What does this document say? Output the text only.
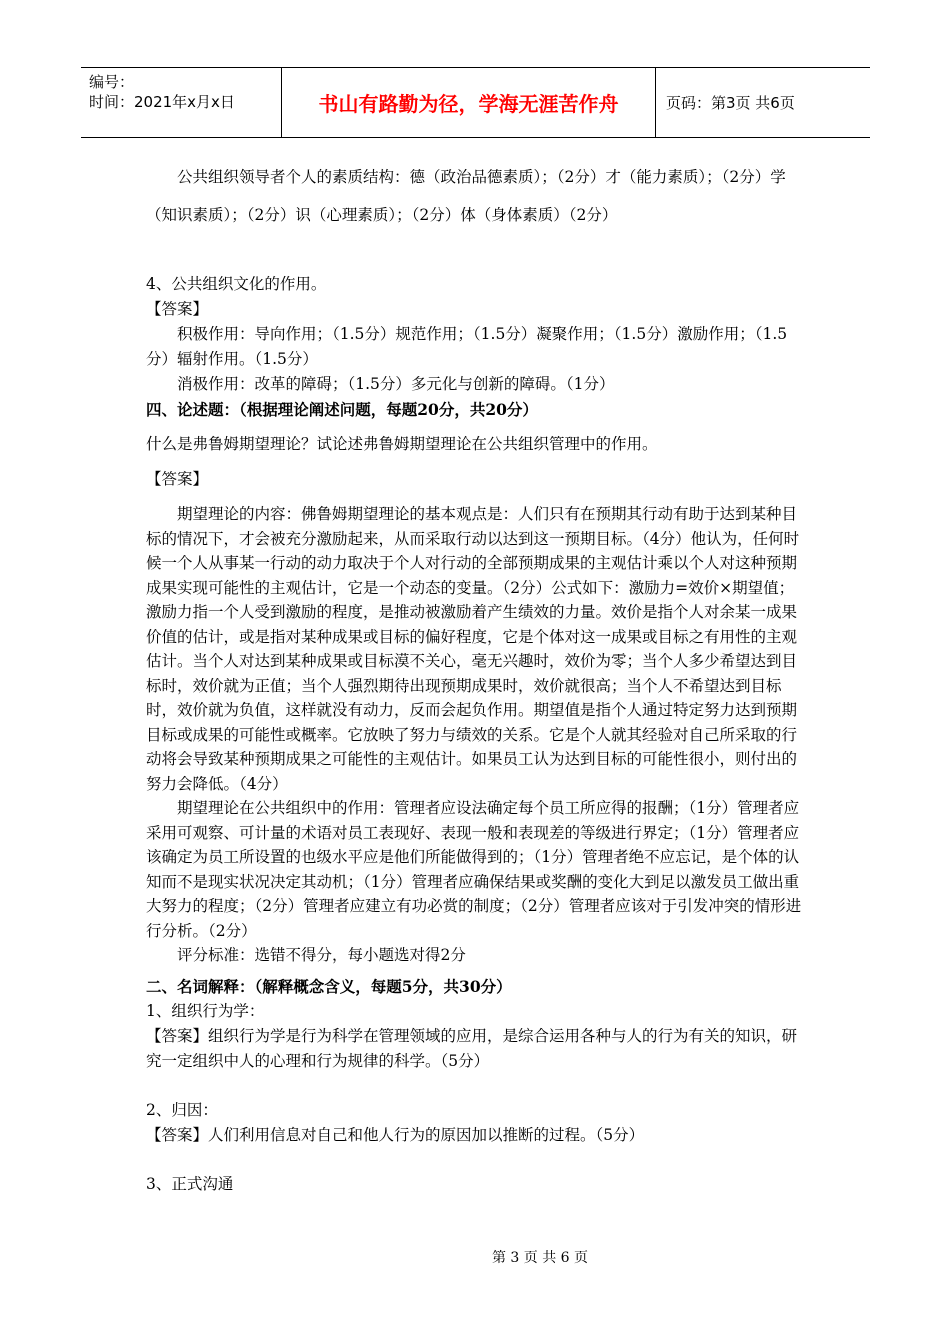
编号：
时间：2021年x月x日	书山有路勤为径，学海无涯苦作舟	页码：第3页 共6页

公共组织领导者个人的素质结构：德（政治品德素质）；（2分）才（能力素质）；（2分）学（知识素质）；（2分）识（心理素质）；（2分）体（身体素质）（2分）

4、公共组织文化的作用。

【答案】

积极作用：导向作用；（1.5分）规范作用；（1.5分）凝聚作用；（1.5分）激励作用；（1.5分）辐射作用。（1.5分）

消极作用：改革的障碍；（1.5分）多元化与创新的障碍。（1分）

四、论述题：（根据理论阐述问题，每题20分，共20分）

什么是弗鲁姆期望理论？试论述弗鲁姆期望理论在公共组织管理中的作用。

【答案】

期望理论的内容：佛鲁姆期望理论的基本观点是：人们只有在预期其行动有助于达到某种目标的情况下，才会被充分激励起来，从而采取行动以达到这一预期目标。（4分）他认为，任何时候一个人从事某一行动的动力取决于个人对行动的全部预期成果的主观估计乘以个人对这种预期成果实现可能性的主观估计，它是一个动态的变量。（2分）公式如下：激励力=效价×期望值；激励力指一个人受到激励的程度，是推动被激励着产生绩效的力量。效价是指个人对余某一成果价值的估计，或是指对某种成果或目标的偏好程度，它是个体对这一成果或目标之有用性的主观估计。当个人对达到某种成果或目标漠不关心，毫无兴趣时，效价为零；当个人多少希望达到目标时，效价就为正值；当个人强烈期待出现预期成果时，效价就很高；当个人不希望达到目标时，效价就为负值，这样就没有动力，反而会起负作用。期望值是指个人通过特定努力达到预期目标或成果的可能性或概率。它放映了努力与绩效的关系。它是个人就其经验对自己所采取的行动将会导致某种预期成果之可能性的主观估计。如果员工认为达到目标的可能性很小，则付出的努力会降低。（4分）

期望理论在公共组织中的作用：管理者应设法确定每个员工所应得的报酬；（1分）管理者应采用可观察、可计量的术语对员工表现好、表现一般和表现差的等级进行界定；（1分）管理者应该确定为员工所设置的也级水平应是他们所能做得到的；（1分）管理者绝不应忘记，是个体的认知而不是现实状况决定其动机；（1分）管理者应确保结果或奖酬的变化大到足以激发员工做出重大努力的程度；（2分）管理者应建立有功必赏的制度；（2分）管理者应该对于引发冲突的情形进行分析。（2分）

评分标准：选错不得分，每小题选对得2分

二、名词解释：（解释概念含义，每题5分，共30分）

1、组织行为学：

【答案】组织行为学是行为科学在管理领域的应用，是综合运用各种与人的行为有关的知识，研究一定组织中人的心理和行为规律的科学。（5分）

2、归因：

【答案】人们利用信息对自己和他人行为的原因加以推断的过程。（5分）

3、正式沟通

第 3 页 共 6 页
